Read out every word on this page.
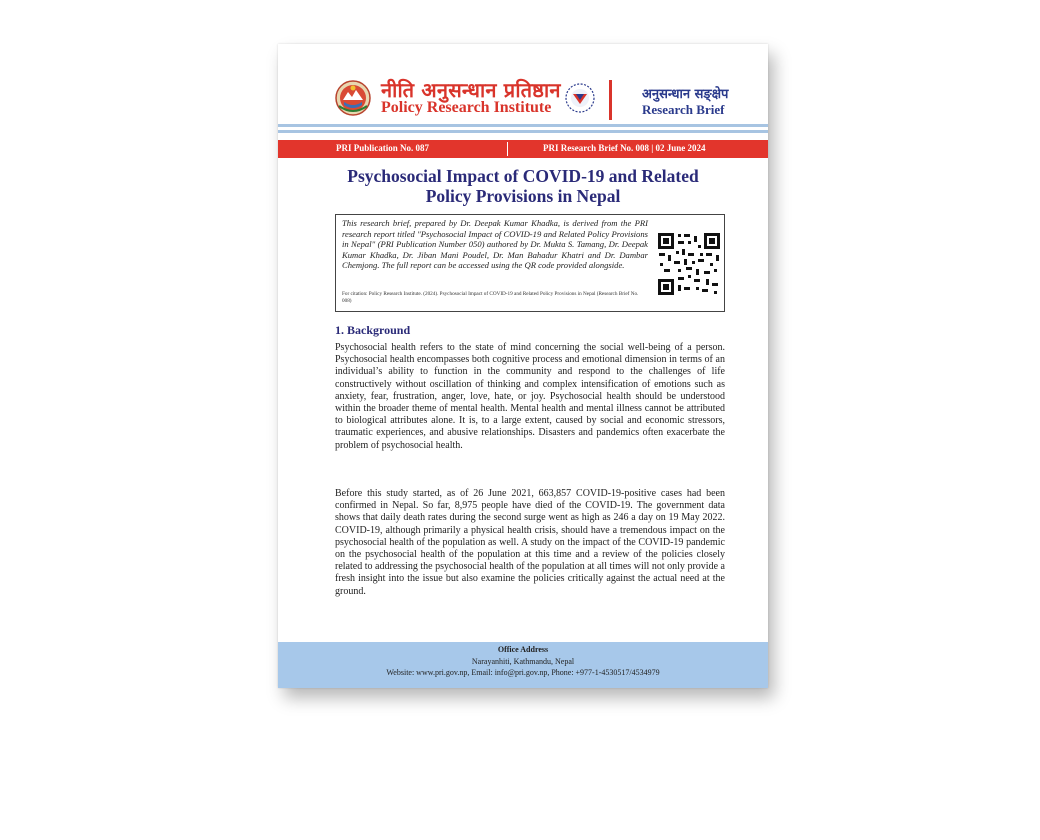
नीति अनुसन्धान प्रतिष्ठान
Policy Research Institute
अनुसन्धान सङ्क्षेप
Research Brief
PRI Publication No. 087	PRI Research Brief No. 008 | 02 June 2024
Psychosocial Impact of COVID-19 and Related
Policy Provisions in Nepal
This research brief, prepared by Dr. Deepak Kumar Khadka, is derived from the PRI research report titled "Psychosocial Impact of COVID-19 and Related Policy Provisions in Nepal" (PRI Publication Number 050) authored by Dr. Mukta S. Tamang, Dr. Deepak Kumar Khadka, Dr. Jiban Mani Poudel, Dr. Man Bahadur Khatri and Dr. Dambar Chemjong. The full report can be accessed using the QR code provided alongside.
For citation: Policy Research Institute. (2024). Psychosocial Impact of COVID-19 and Related Policy Provisions in Nepal (Research Brief No. 008)
1. Background
Psychosocial health refers to the state of mind concerning the social well-being of a person. Psychosocial health encompasses both cognitive process and emotional dimension in terms of an individual’s ability to function in the community and respond to the challenges of life constructively without oscillation of thinking and complex intensification of emotions such as anxiety, fear, frustration, anger, love, hate, or joy. Psychosocial health should be understood within the broader theme of mental health. Mental health and mental illness cannot be attributed to biological attributes alone. It is, to a large extent, caused by social and economic stressors, traumatic experiences, and abusive relationships. Disasters and pandemics often exacerbate the problem of psychosocial health.
Before this study started, as of 26 June 2021, 663,857 COVID-19-positive cases had been confirmed in Nepal. So far, 8,975 people have died of the COVID-19. The government data shows that daily death rates during the second surge went as high as 246 a day on 19 May 2022. COVID-19, although primarily a physical health crisis, should have a tremendous impact on the psychosocial health of the population as well. A study on the impact of the COVID-19 pandemic on the psychosocial health of the population at this time and a review of the policies closely related to addressing the psychosocial health of the population at all times will not only provide a fresh insight into the issue but also examine the policies critically against the actual need at the ground.
Office Address
Narayanhiti, Kathmandu, Nepal
Website: www.pri.gov.np, Email: info@pri.gov.np, Phone: +977-1-4530517/4534979
